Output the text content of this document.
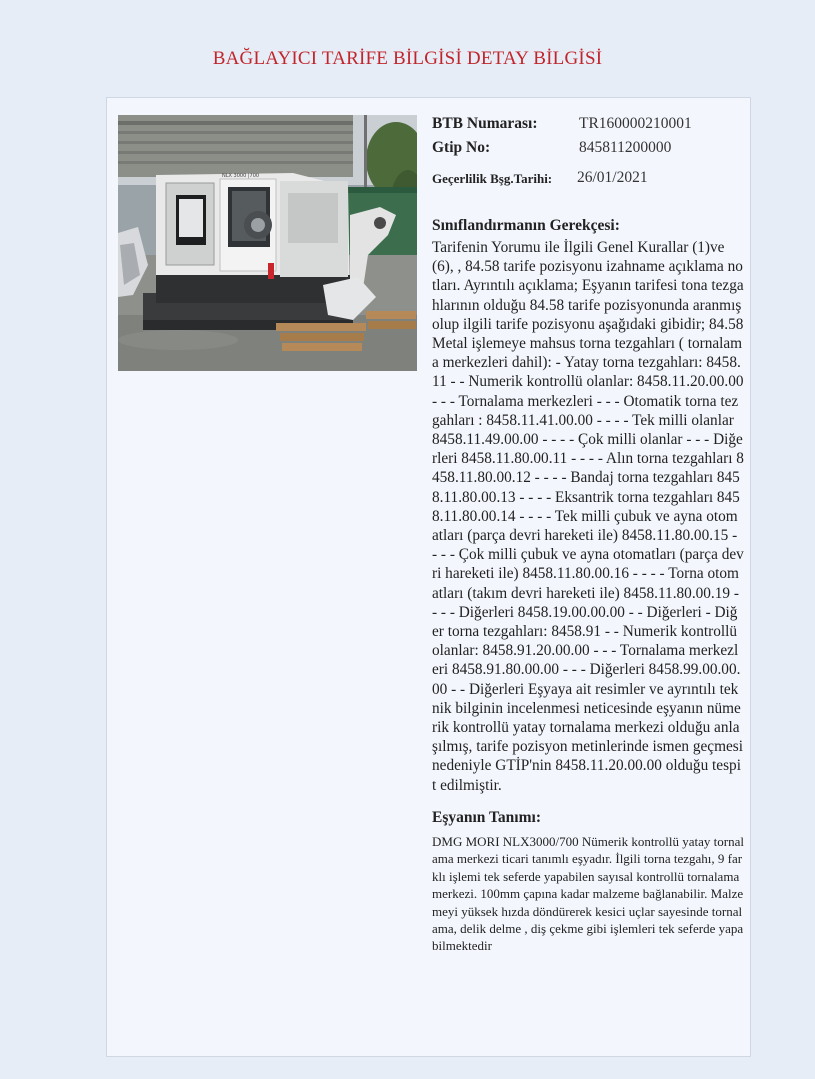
BAĞLAYICI TARİFE BİLGİSİ DETAY BİLGİSİ
NLX 3000 |700
BTB Numarası:	TR160000210001
Gtip No:	845811200000
Geçerlilik Bşg.Tarihi: 26/01/2021
Sınıflandırmanın Gerekçesi:
Tarifenin Yorumu ile İlgili Genel Kurallar (1)ve(6), , 84.58 tarife pozisyonu izahname açıklama notları. Ayrıntılı açıklama; Eşyanın tarifesi tona tezgahlarının olduğu 84.58 tarife pozisyonunda aranmış olup ilgili tarife pozisyonu aşağıdaki gibidir; 84.58 Metal işlemeye mahsus torna tezgahları ( tornalama merkezleri dahil): - Yatay torna tezgahları: 8458.11 - - Numerik kontrollü olanlar: 8458.11.20.00.00 - - - Tornalama merkezleri - - - Otomatik torna tezgahları : 8458.11.41.00.00 - - - - Tek milli olanlar 8458.11.49.00.00 - - - - Çok milli olanlar - - - Diğerleri 8458.11.80.00.11 - - - - Alın torna tezgahları 8458.11.80.00.12 - - - - Bandaj torna tezgahları 8458.11.80.00.13 - - - - Eksantrik torna tezgahları 8458.11.80.00.14 - - - - Tek milli çubuk ve ayna otomatları (parça devri hareketi ile) 8458.11.80.00.15 - - - - Çok milli çubuk ve ayna otomatları (parça devri hareketi ile) 8458.11.80.00.16 - - - - Torna otomatları (takım devri hareketi ile) 8458.11.80.00.19 - - - - Diğerleri 8458.19.00.00.00 - - Diğerleri - Diğer torna tezgahları: 8458.91 - - Numerik kontrollü olanlar: 8458.91.20.00.00 - - - Tornalama merkezleri 8458.91.80.00.00 - - - Diğerleri 8458.99.00.00.00 - - Diğerleri Eşyaya ait resimler ve ayrıntılı teknik bilginin incelenmesi neticesinde eşyanın nümerik kontrollü yatay tornalama merkezi olduğu anlaşılmış, tarife pozisyon metinlerinde ismen geçmesi nedeniyle GTİP'nin 8458.11.20.00.00 olduğu tespit edilmiştir.
Eşyanın Tanımı:
DMG MORI NLX3000/700 Nümerik kontrollü yatay tornalama merkezi ticari tanımlı eşyadır. İlgili torna tezgahı, 9 farklı işlemi tek seferde yapabilen sayısal kontrollü tornalama merkezi. 100mm çapına kadar malzeme bağlanabilir. Malzemeyi yüksek hızda döndürerek kesici uçlar sayesinde tornalama, delik delme , diş çekme gibi işlemleri tek seferde yapabilmektedir
